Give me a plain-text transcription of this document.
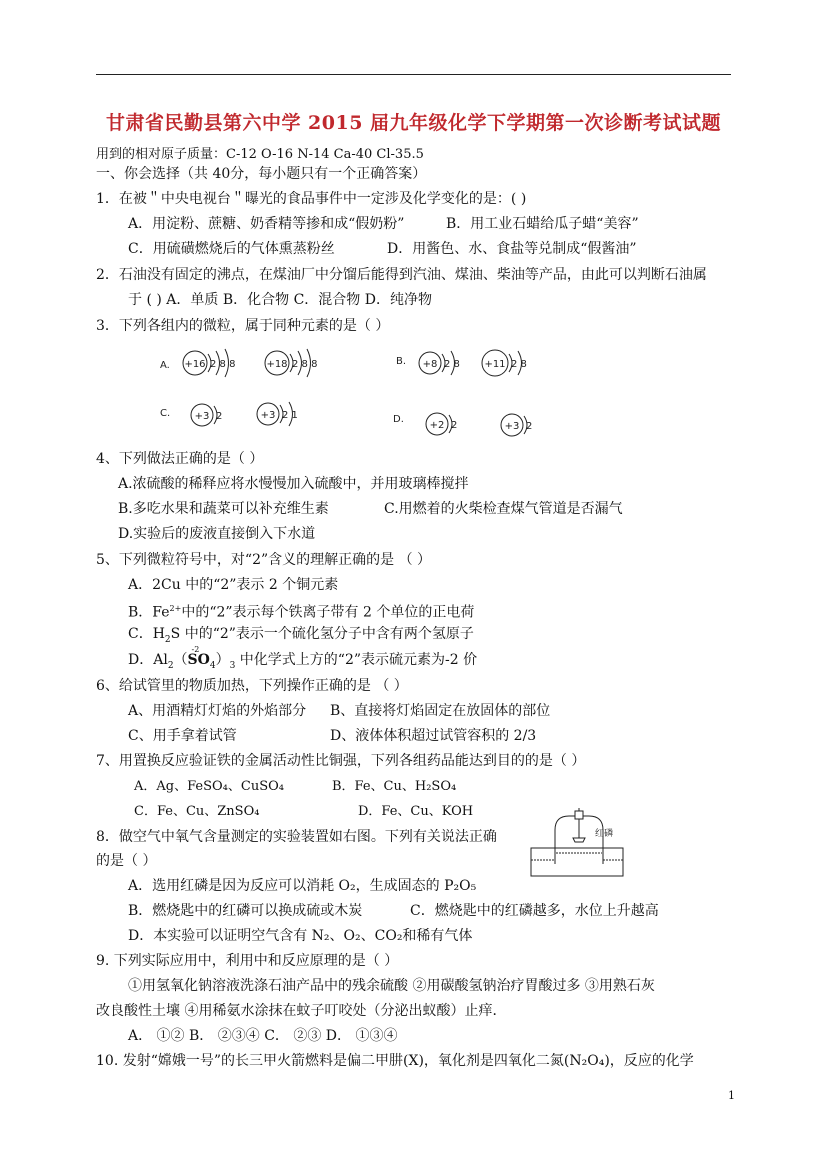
甘肃省民勤县第六中学 2015 届九年级化学下学期第一次诊断考试试题
用到的相对原子质量：C-12 O-16 N-14 Ca-40 Cl-35.5
一、你会选择（共 40分，每小题只有一个正确答案）
1．在被＂中央电视台＂曝光的食品事件中一定涉及化学变化的是：( )
A．用淀粉、蔗糖、奶香精等掺和成“假奶粉”	B．用工业石蜡给瓜子蜡“美容”
C．用硫磺燃烧后的气体熏蒸粉丝	D．用酱色、水、食盐等兑制成“假酱油”
2．石油没有固定的沸点，在煤油厂中分馏后能得到汽油、煤油、柴油等产品，由此可以判断石油属
于 ( ) A．单质 B．化合物 C．混合物 D．纯净物
3．下列各组内的微粒，属于同种元素的是（ ）
A.	B.
C.
D.
+16	+18	+8	+11
+3	+3
+2	+3
2 8 8	2 8 8	2 8	2 8
2	2 1
2	2
4、下列做法正确的是（ ）
A.浓硫酸的稀释应将水慢慢加入硫酸中，并用玻璃棒搅拌
B.多吃水果和蔬菜可以补充维生素	C.用燃着的火柴检查煤气管道是否漏气
D.实验后的废液直接倒入下水道
5、下列微粒符号中，对“2”含义的理解正确的是 （ ）
A．2Cu 中的“2”表示 2 个铜元素
B．$Fe^{2+}$中的“2”表示每个铁离子带有 2 个单位的正电荷
C．$H_2S$ 中的“2”表示一个硫化氢分子中含有两个氢原子
D．$Al_2$（
-2
$SO_4)_3$ 中化学式上方的“2”表示硫元素为-2 价
6、给试管里的物质加热，下列操作正确的是 （ ）
A、用酒精灯灯焰的外焰部分 B、直接将灯焰固定在放固体的部位
C、用手拿着试管	D、液体体积超过试管容积的 2/3
7、用置换反应验证铁的金属活动性比铜强，下列各组药品能达到目的的是（ ）
A．Ag、FeSO₄、CuSO₄	B．Fe、Cu、H₂SO₄
C．Fe、Cu、ZnSO₄	D．Fe、Cu、KOH
8．做空气中氧气含量测定的实验装置如右图。下列有关说法正确
的是（ ）
红磷
A．选用红磷是因为反应可以消耗 O₂，生成固态的 P₂O₅
B．燃烧匙中的红磷可以换成硫或木炭	C．燃烧匙中的红磷越多，水位上升越高
D．本实验可以证明空气含有 N₂、O₂、CO₂和稀有气体
9. 下列实际应用中，利用中和反应原理的是（ ）
①用氢氧化钠溶液洗涤石油产品中的残余硫酸 ②用碳酸氢钠治疗胃酸过多 ③用熟石灰
改良酸性土壤 ④用稀氨水涂抹在蚊子叮咬处（分泌出蚁酸）止痒．
A． ①② B． ②③④ C． ②③ D． ①③④
10. 发射“嫦娥一号”的长三甲火箭燃料是偏二甲肼(X)，氧化剂是四氧化二氮(N₂O₄)，反应的化学
1
